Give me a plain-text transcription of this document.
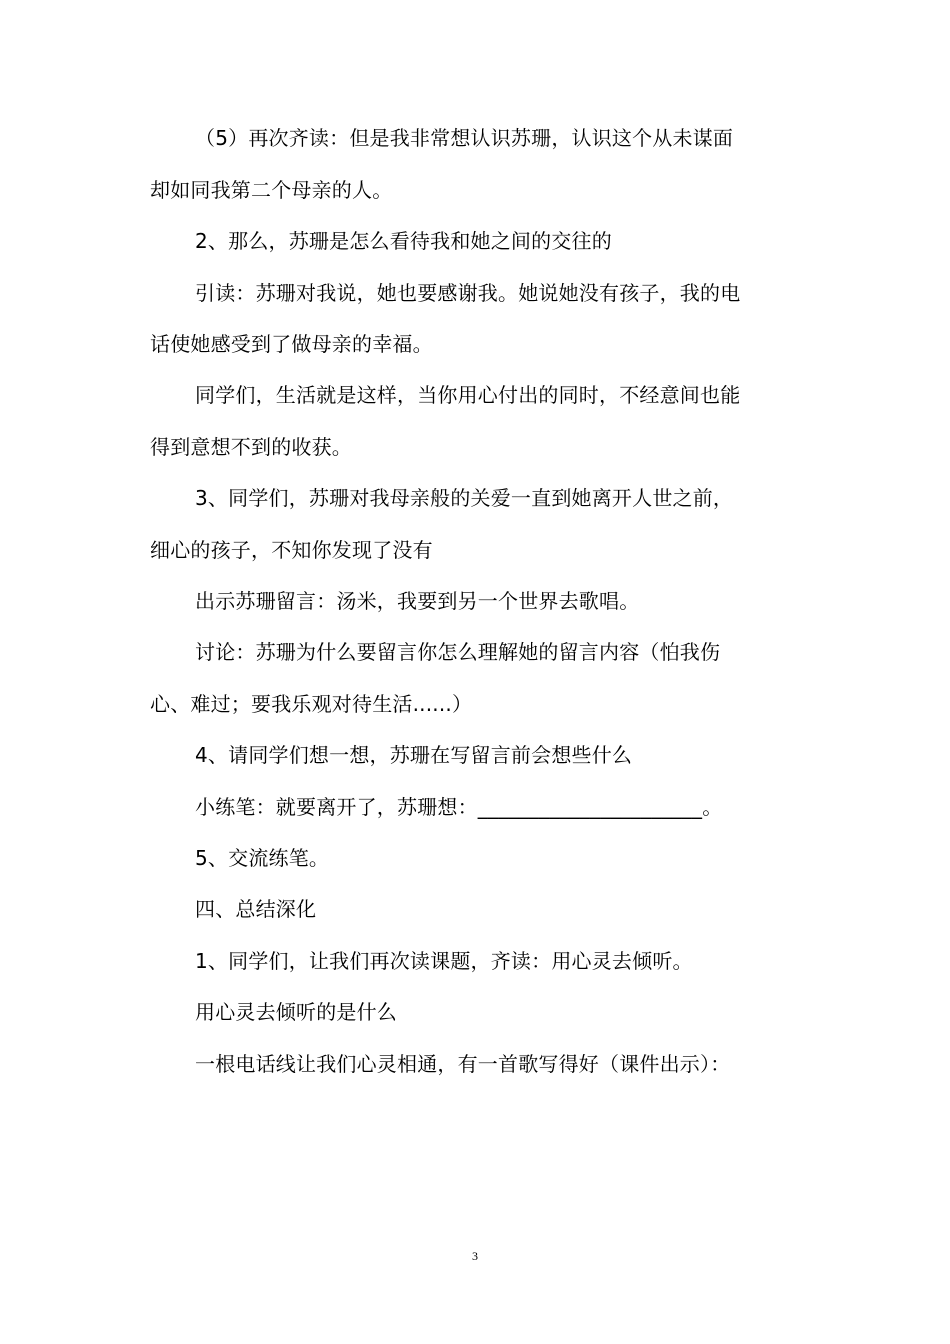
（5）再次齐读：但是我非常想认识苏珊，认识这个从未谋面
却如同我第二个母亲的人。
2、那么，苏珊是怎么看待我和她之间的交往的
引读：苏珊对我说，她也要感谢我。她说她没有孩子，我的电
话使她感受到了做母亲的幸福。
同学们，生活就是这样，当你用心付出的同时，不经意间也能
得到意想不到的收获。
3、同学们，苏珊对我母亲般的关爱一直到她离开人世之前，
细心的孩子，不知你发现了没有
出示苏珊留言：汤米，我要到另一个世界去歌唱。
讨论：苏珊为什么要留言你怎么理解她的留言内容（怕我伤
心、难过；要我乐观对待生活......）
4、请同学们想一想，苏珊在写留言前会想些什么
小练笔：就要离开了，苏珊想：______________________。
5、交流练笔。
四、总结深化
1、同学们，让我们再次读课题，齐读：用心灵去倾听。
用心灵去倾听的是什么
一根电话线让我们心灵相通，有一首歌写得好（课件出示）：
3
